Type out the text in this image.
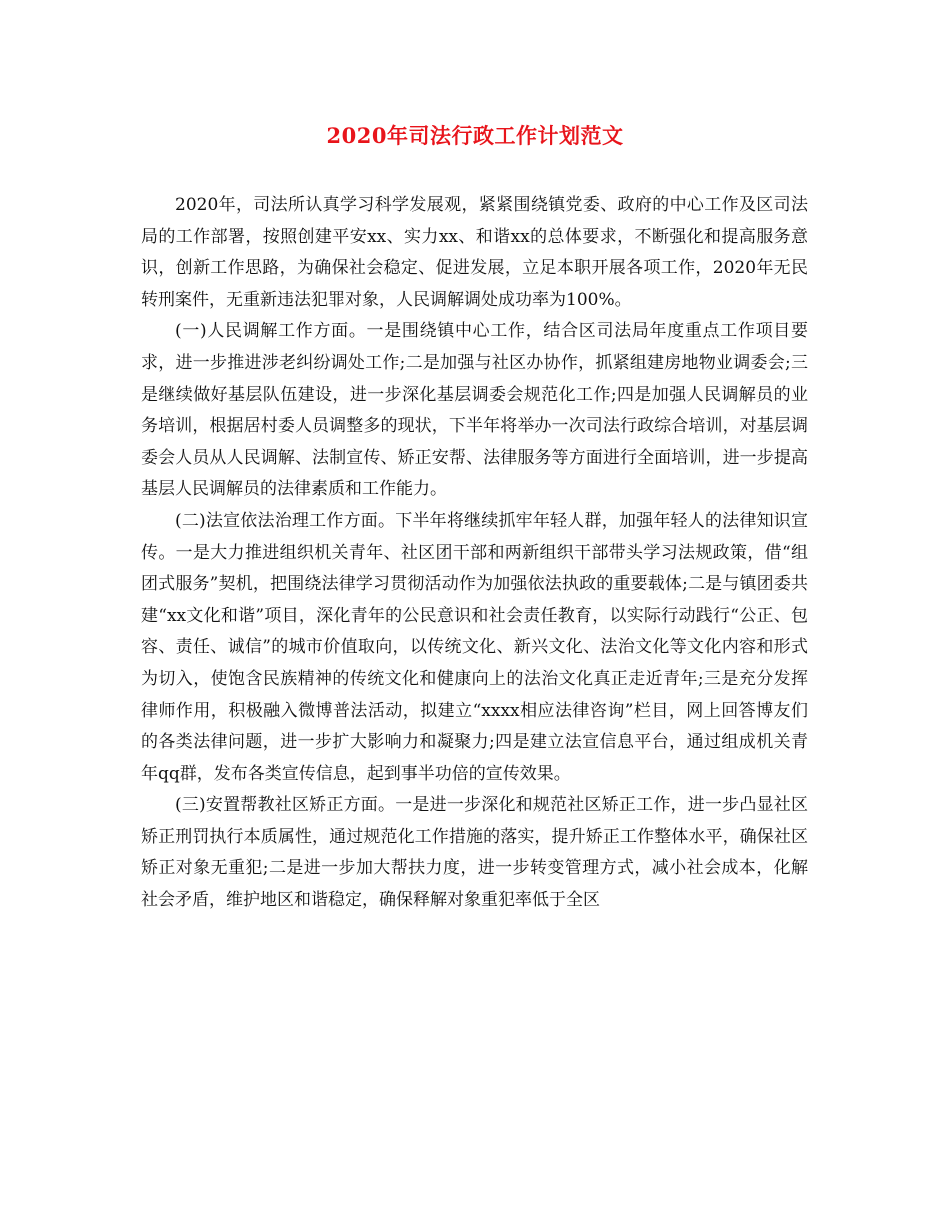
2020年司法行政工作计划范文

2020年，司法所认真学习科学发展观，紧紧围绕镇党委、政府的中心工作及区司法局的工作部署，按照创建平安xx、实力xx、和谐xx的总体要求，不断强化和提高服务意识，创新工作思路，为确保社会稳定、促进发展，立足本职开展各项工作，2020年无民转刑案件，无重新违法犯罪对象，人民调解调处成功率为100%。

(一)人民调解工作方面。一是围绕镇中心工作，结合区司法局年度重点工作项目要求，进一步推进涉老纠纷调处工作;二是加强与社区办协作，抓紧组建房地物业调委会;三是继续做好基层队伍建设，进一步深化基层调委会规范化工作;四是加强人民调解员的业务培训，根据居村委人员调整多的现状，下半年将举办一次司法行政综合培训，对基层调委会人员从人民调解、法制宣传、矫正安帮、法律服务等方面进行全面培训，进一步提高基层人民调解员的法律素质和工作能力。

(二)法宣依法治理工作方面。下半年将继续抓牢年轻人群，加强年轻人的法律知识宣传。一是大力推进组织机关青年、社区团干部和两新组织干部带头学习法规政策，借“组团式服务”契机，把围绕法律学习贯彻活动作为加强依法执政的重要载体;二是与镇团委共建“xx文化和谐”项目，深化青年的公民意识和社会责任教育，以实际行动践行“公正、包容、责任、诚信”的城市价值取向，以传统文化、新兴文化、法治文化等文化内容和形式为切入，使饱含民族精神的传统文化和健康向上的法治文化真正走近青年;三是充分发挥律师作用，积极融入微博普法活动，拟建立“xxxx相应法律咨询”栏目，网上回答博友们的各类法律问题，进一步扩大影响力和凝聚力;四是建立法宣信息平台，通过组成机关青年qq群，发布各类宣传信息，起到事半功倍的宣传效果。

(三)安置帮教社区矫正方面。一是进一步深化和规范社区矫正工作，进一步凸显社区矫正刑罚执行本质属性，通过规范化工作措施的落实，提升矫正工作整体水平，确保社区矫正对象无重犯;二是进一步加大帮扶力度，进一步转变管理方式，减小社会成本，化解社会矛盾，维护地区和谐稳定，确保释解对象重犯率低于全区
